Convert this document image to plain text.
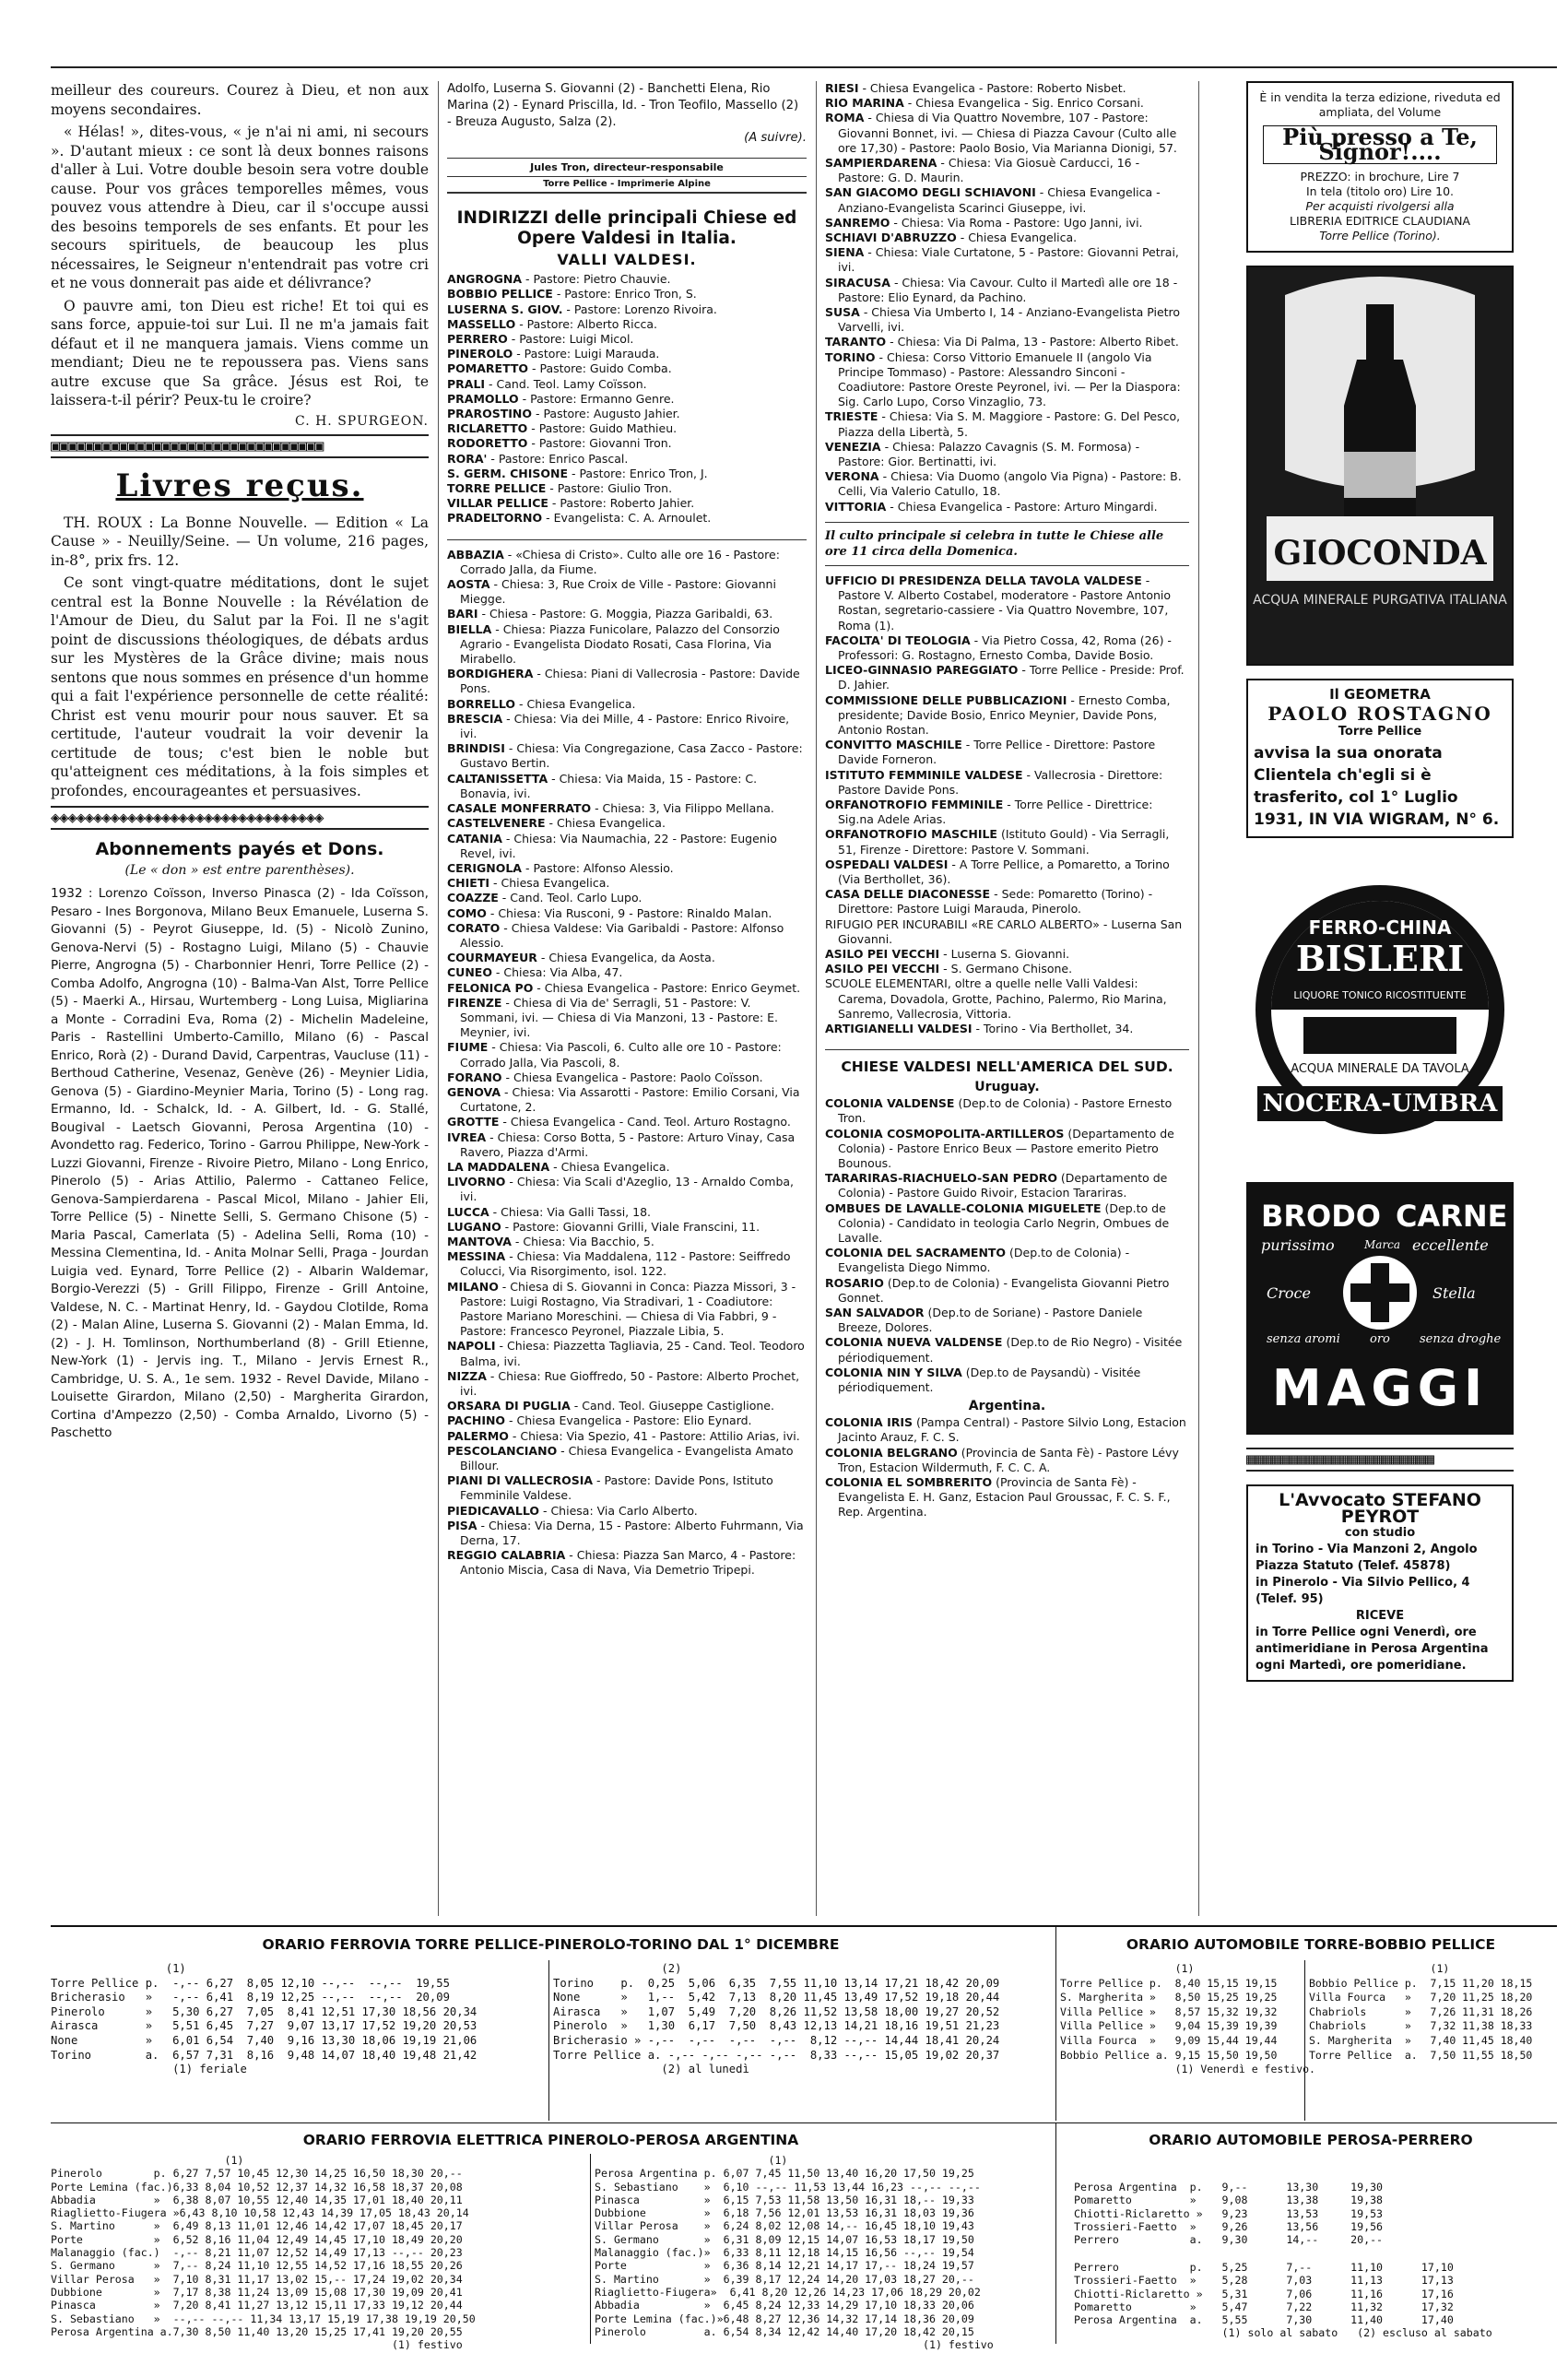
meilleur des coureurs. Courez à Dieu, et non aux moyens secondaires.

« Hélas! », dites-vous, « je n'ai ni ami, ni secours ». D'autant mieux : ce sont là deux bonnes raisons d'aller à Lui. Votre double besoin sera votre double cause. Pour vos grâces temporelles mêmes, vous pouvez vous attendre à Dieu, car il s'occupe aussi des besoins temporels de ses enfants. Et pour les secours spirituels, de beaucoup les plus nécessaires, le Seigneur n'entendrait pas votre cri et ne vous donnerait pas aide et délivrance?

O pauvre ami, ton Dieu est riche! Et toi qui es sans force, appuie-toi sur Lui. Il ne m'a jamais fait défaut et il ne manquera jamais. Viens comme un mendiant; Dieu ne te repoussera pas. Viens sans autre excuse que Sa grâce. Jésus est Roi, te laissera-t-il périr? Peux-tu le croire?

C. H. SPURGEON.
▣▣▣▣▣▣▣▣▣▣▣▣▣▣▣▣▣▣▣▣▣▣▣▣▣▣▣▣▣▣▣▣
Livres reçus.

TH. ROUX : La Bonne Nouvelle. — Edition « La Cause » - Neuilly/Seine. — Un volume, 216 pages, in-8°, prix frs. 12.

Ce sont vingt-quatre méditations, dont le sujet central est la Bonne Nouvelle : la Révélation de l'Amour de Dieu, du Salut par la Foi. Il ne s'agit point de discussions théologiques, de débats ardus sur les Mystères de la Grâce divine; mais nous sentons que nous sommes en présence d'un homme qui a fait l'expérience personnelle de cette réalité: Christ est venu mourir pour nous sauver. Et sa certitude, l'auteur voudrait la voir devenir la certitude de tous; c'est bien le noble but qu'atteignent ces méditations, à la fois simples et profondes, encourageantes et persuasives.

◈◈◈◈◈◈◈◈◈◈◈◈◈◈◈◈◈◈◈◈◈◈◈◈◈◈◈◈◈◈◈◈
Abonnements payés et Dons.
(Le « don » est entre parenthèses).

1932 : Lorenzo Coïsson, Inverso Pinasca (2) - Ida Coïsson, Pesaro - Ines Borgonova, Milano Beux Emanuele, Luserna S. Giovanni (5) - Peyrot Giuseppe, Id. (5) - Nicolò Zunino, Genova-Nervi (5) - Rostagno Luigi, Milano (5) - Chauvie Pierre, Angrogna (5) - Charbonnier Henri, Torre Pellice (2) - Comba Adolfo, Angrogna (10) - Balma-Van Alst, Torre Pellice (5) - Maerki A., Hirsau, Wurtemberg - Long Luisa, Migliarina a Monte - Corradini Eva, Roma (2) - Michelin Madeleine, Paris - Rastellini Umberto-Camillo, Milano (6) - Pascal Enrico, Rorà (2) - Durand David, Carpentras, Vaucluse (11) - Berthoud Catherine, Vesenaz, Genève (26) - Meynier Lidia, Genova (5) - Giardino-Meynier Maria, Torino (5) - Long rag. Ermanno, Id. - Schalck, Id. - A. Gilbert, Id. - G. Stallé, Bougival - Laetsch Giovanni, Perosa Argentina (10) - Avondetto rag. Federico, Torino - Garrou Philippe, New-York - Luzzi Giovanni, Firenze - Rivoire Pietro, Milano - Long Enrico, Pinerolo (5) - Arias Attilio, Palermo - Cattaneo Felice, Genova-Sampierdarena - Pascal Micol, Milano - Jahier Eli, Torre Pellice (5) - Ninette Selli, S. Germano Chisone (5) - Maria Pascal, Camerlata (5) - Adelina Selli, Roma (10) - Messina Clementina, Id. - Anita Molnar Selli, Praga - Jourdan Luigia ved. Eynard, Torre Pellice (2) - Albarin Waldemar, Borgio-Verezzi (5) - Grill Filippo, Firenze - Grill Antoine, Valdese, N. C. - Martinat Henry, Id. - Gaydou Clotilde, Roma (2) - Malan Aline, Luserna S. Giovanni (2) - Malan Emma, Id. (2) - J. H. Tomlinson, Northumberland (8) - Grill Etienne, New-York (1) - Jervis ing. T., Milano - Jervis Ernest R., Cambridge, U. S. A., 1e sem. 1932 - Revel Davide, Milano - Louisette Girardon, Milano (2,50) - Margherita Girardon, Cortina d'Ampezzo (2,50) - Comba Arnaldo, Livorno (5) - Paschetto

Adolfo, Luserna S. Giovanni (2) - Banchetti Elena, Rio Marina (2) - Eynard Priscilla, Id. - Tron Teofilo, Massello (2) - Breuza Augusto, Salza (2).

(A suivre).
Jules Tron, directeur-responsabile
Torre Pellice - Imprimerie Alpine
INDIRIZZI delle principali Chiese ed Opere Valdesi in Italia.
VALLI VALDESI.

ANGROGNA - Pastore: Pietro Chauvie.

BOBBIO PELLICE - Pastore: Enrico Tron, S.

LUSERNA S. GIOV. - Pastore: Lorenzo Rivoira.

MASSELLO - Pastore: Alberto Ricca.

PERRERO - Pastore: Luigi Micol.

PINEROLO - Pastore: Luigi Marauda.

POMARETTO - Pastore: Guido Comba.

PRALI - Cand. Teol. Lamy Coïsson.

PRAMOLLO - Pastore: Ermanno Genre.

PRAROSTINO - Pastore: Augusto Jahier.

RICLARETTO - Pastore: Guido Mathieu.

RODORETTO - Pastore: Giovanni Tron.

RORA' - Pastore: Enrico Pascal.

S. GERM. CHISONE - Pastore: Enrico Tron, J.

TORRE PELLICE - Pastore: Giulio Tron.

VILLAR PELLICE - Pastore: Roberto Jahier.

PRADELTORNO - Evangelista: C. A. Arnoulet.

ABBAZIA - «Chiesa di Cristo». Culto alle ore 16 - Pastore: Corrado Jalla, da Fiume.

AOSTA - Chiesa: 3, Rue Croix de Ville - Pastore: Giovanni Miegge.

BARI - Chiesa - Pastore: G. Moggia, Piazza Garibaldi, 63.

BIELLA - Chiesa: Piazza Funicolare, Palazzo del Consorzio Agrario - Evangelista Diodato Rosati, Casa Florina, Via Mirabello.

BORDIGHERA - Chiesa: Piani di Vallecrosia - Pastore: Davide Pons.

BORRELLO - Chiesa Evangelica.

BRESCIA - Chiesa: Via dei Mille, 4 - Pastore: Enrico Rivoire, ivi.

BRINDISI - Chiesa: Via Congregazione, Casa Zacco - Pastore: Gustavo Bertin.

CALTANISSETTA - Chiesa: Via Maida, 15 - Pastore: C. Bonavia, ivi.

CASALE MONFERRATO - Chiesa: 3, Via Filippo Mellana.

CASTELVENERE - Chiesa Evangelica.

CATANIA - Chiesa: Via Naumachia, 22 - Pastore: Eugenio Revel, ivi.

CERIGNOLA - Pastore: Alfonso Alessio.

CHIETI - Chiesa Evangelica.

COAZZE - Cand. Teol. Carlo Lupo.

COMO - Chiesa: Via Rusconi, 9 - Pastore: Rinaldo Malan.

CORATO - Chiesa Valdese: Via Garibaldi - Pastore: Alfonso Alessio.

COURMAYEUR - Chiesa Evangelica, da Aosta.

CUNEO - Chiesa: Via Alba, 47.

FELONICA PO - Chiesa Evangelica - Pastore: Enrico Geymet.

FIRENZE - Chiesa di Via de' Serragli, 51 - Pastore: V. Sommani, ivi. — Chiesa di Via Manzoni, 13 - Pastore: E. Meynier, ivi.

FIUME - Chiesa: Via Pascoli, 6. Culto alle ore 10 - Pastore: Corrado Jalla, Via Pascoli, 8.

FORANO - Chiesa Evangelica - Pastore: Paolo Coïsson.

GENOVA - Chiesa: Via Assarotti - Pastore: Emilio Corsani, Via Curtatone, 2.

GROTTE - Chiesa Evangelica - Cand. Teol. Arturo Rostagno.

IVREA - Chiesa: Corso Botta, 5 - Pastore: Arturo Vinay, Casa Ravero, Piazza d'Armi.

LA MADDALENA - Chiesa Evangelica.

LIVORNO - Chiesa: Via Scali d'Azeglio, 13 - Arnaldo Comba, ivi.

LUCCA - Chiesa: Via Galli Tassi, 18.

LUGANO - Pastore: Giovanni Grilli, Viale Franscini, 11.

MANTOVA - Chiesa: Via Bacchio, 5.

MESSINA - Chiesa: Via Maddalena, 112 - Pastore: Seiffredo Colucci, Via Risorgimento, isol. 122.

MILANO - Chiesa di S. Giovanni in Conca: Piazza Missori, 3 - Pastore: Luigi Rostagno, Via Stradivari, 1 - Coadiutore: Pastore Mariano Moreschini. — Chiesa di Via Fabbri, 9 - Pastore: Francesco Peyronel, Piazzale Libia, 5.

NAPOLI - Chiesa: Piazzetta Tagliavia, 25 - Cand. Teol. Teodoro Balma, ivi.

NIZZA - Chiesa: Rue Gioffredo, 50 - Pastore: Alberto Prochet, ivi.

ORSARA DI PUGLIA - Cand. Teol. Giuseppe Castiglione.

PACHINO - Chiesa Evangelica - Pastore: Elio Eynard.

PALERMO - Chiesa: Via Spezio, 41 - Pastore: Attilio Arias, ivi.

PESCOLANCIANO - Chiesa Evangelica - Evangelista Amato Billour.

PIANI DI VALLECROSIA - Pastore: Davide Pons, Istituto Femminile Valdese.

PIEDICAVALLO - Chiesa: Via Carlo Alberto.

PISA - Chiesa: Via Derna, 15 - Pastore: Alberto Fuhrmann, Via Derna, 17.

REGGIO CALABRIA - Chiesa: Piazza San Marco, 4 - Pastore: Antonio Miscia, Casa di Nava, Via Demetrio Tripepi.

RIESI - Chiesa Evangelica - Pastore: Roberto Nisbet.

RIO MARINA - Chiesa Evangelica - Sig. Enrico Corsani.

ROMA - Chiesa di Via Quattro Novembre, 107 - Pastore: Giovanni Bonnet, ivi. — Chiesa di Piazza Cavour (Culto alle ore 17,30) - Pastore: Paolo Bosio, Via Marianna Dionigi, 57.

SAMPIERDARENA - Chiesa: Via Giosuè Carducci, 16 - Pastore: G. D. Maurin.

SAN GIACOMO DEGLI SCHIAVONI - Chiesa Evangelica - Anziano-Evangelista Scarinci Giuseppe, ivi.

SANREMO - Chiesa: Via Roma - Pastore: Ugo Janni, ivi.

SCHIAVI D'ABRUZZO - Chiesa Evangelica.

SIENA - Chiesa: Viale Curtatone, 5 - Pastore: Giovanni Petrai, ivi.

SIRACUSA - Chiesa: Via Cavour. Culto il Martedì alle ore 18 - Pastore: Elio Eynard, da Pachino.

SUSA - Chiesa Via Umberto I, 14 - Anziano-Evangelista Pietro Varvelli, ivi.

TARANTO - Chiesa: Via Di Palma, 13 - Pastore: Alberto Ribet.

TORINO - Chiesa: Corso Vittorio Emanuele II (angolo Via Principe Tommaso) - Pastore: Alessandro Sinconi - Coadiutore: Pastore Oreste Peyronel, ivi. — Per la Diaspora: Sig. Carlo Lupo, Corso Vinzaglio, 73.

TRIESTE - Chiesa: Via S. M. Maggiore - Pastore: G. Del Pesco, Piazza della Libertà, 5.

VENEZIA - Chiesa: Palazzo Cavagnis (S. M. Formosa) - Pastore: Gior. Bertinatti, ivi.

VERONA - Chiesa: Via Duomo (angolo Via Pigna) - Pastore: B. Celli, Via Valerio Catullo, 18.

VITTORIA - Chiesa Evangelica - Pastore: Arturo Mingardi.

Il culto principale si celebra in tutte le Chiese alle ore 11 circa della Domenica.

UFFICIO DI PRESIDENZA DELLA TAVOLA VALDESE - Pastore V. Alberto Costabel, moderatore - Pastore Antonio Rostan, segretario-cassiere - Via Quattro Novembre, 107, Roma (1).

FACOLTA' DI TEOLOGIA - Via Pietro Cossa, 42, Roma (26) - Professori: G. Rostagno, Ernesto Comba, Davide Bosio.

LICEO-GINNASIO PAREGGIATO - Torre Pellice - Preside: Prof. D. Jahier.

COMMISSIONE DELLE PUBBLICAZIONI - Ernesto Comba, presidente; Davide Bosio, Enrico Meynier, Davide Pons, Antonio Rostan.

CONVITTO MASCHILE - Torre Pellice - Direttore: Pastore Davide Forneron.

ISTITUTO FEMMINILE VALDESE - Vallecrosia - Direttore: Pastore Davide Pons.

ORFANOTROFIO FEMMINILE - Torre Pellice - Direttrice: Sig.na Adele Arias.

ORFANOTROFIO MASCHILE (Istituto Gould) - Via Serragli, 51, Firenze - Direttore: Pastore V. Sommani.

OSPEDALI VALDESI - A Torre Pellice, a Pomaretto, a Torino (Via Berthollet, 36).

CASA DELLE DIACONESSE - Sede: Pomaretto (Torino) - Direttore: Pastore Luigi Marauda, Pinerolo.

RIFUGIO PER INCURABILI «RE CARLO ALBERTO» - Luserna San Giovanni.

ASILO PEI VECCHI - Luserna S. Giovanni.

ASILO PEI VECCHI - S. Germano Chisone.

SCUOLE ELEMENTARI, oltre a quelle nelle Valli Valdesi: Carema, Dovadola, Grotte, Pachino, Palermo, Rio Marina, Sanremo, Vallecrosia, Vittoria.

ARTIGIANELLI VALDESI - Torino - Via Berthollet, 34.

CHIESE VALDESI NELL'AMERICA DEL SUD.
Uruguay.

COLONIA VALDENSE (Dep.to de Colonia) - Pastore Ernesto Tron.

COLONIA COSMOPOLITA-ARTILLEROS (Departamento de Colonia) - Pastore Enrico Beux — Pastore emerito Pietro Bounous.

TARARIRAS-RIACHUELO-SAN PEDRO (Departamento de Colonia) - Pastore Guido Rivoir, Estacion Tarariras.

OMBUES DE LAVALLE-COLONIA MIGUELETE (Dep.to de Colonia) - Candidato in teologia Carlo Negrin, Ombues de Lavalle.

COLONIA DEL SACRAMENTO (Dep.to de Colonia) - Evangelista Diego Nimmo.

ROSARIO (Dep.to de Colonia) - Evangelista Giovanni Pietro Gonnet.

SAN SALVADOR (Dep.to de Soriane) - Pastore Daniele Breeze, Dolores.

COLONIA NUEVA VALDENSE (Dep.to de Rio Negro) - Visitée périodiquement.

COLONIA NIN Y SILVA (Dep.to de Paysandù) - Visitée périodiquement.

Argentina.

COLONIA IRIS (Pampa Central) - Pastore Silvio Long, Estacion Jacinto Arauz, F. C. S.

COLONIA BELGRANO (Provincia de Santa Fè) - Pastore Lévy Tron, Estacion Wildermuth, F. C. C. A.

COLONIA EL SOMBRERITO (Provincia de Santa Fè) - Evangelista E. H. Ganz, Estacion Paul Groussac, F. C. S. F., Rep. Argentina.

È in vendita la terza edizione, riveduta ed ampliata, del Volume
Più presso a Te, Signor!....
PREZZO: in brochure, Lire 7
In tela (titolo oro) Lire 10.
Per acquisti rivolgersi alla
LIBRERIA EDITRICE CLAUDIANA
Torre Pellice (Torino).
GIOCONDA
ACQUA MINERALE PURGATIVA ITALIANA
Il GEOMETRA
PAOLO ROSTAGNO
Torre Pellice
avvisa la sua onorata Clientela ch'egli si è trasferito, col 1° Luglio 1931, IN VIA WIGRAM, N° 6.
FERRO-CHINA
BISLERI
LIQUORE TONICO RICOSTITUENTE
ACQUA MINERALE DA TAVOLA
NOCERA-UMBRA
SORGENTE ANGELICA
BRODO CARNE
purissimo	Marca eccellente
Croce	Stella
senza aromi oro senza droghe
MAGGI
▦▦▦▦▦▦▦▦▦▦▦▦▦▦▦▦▦▦▦▦▦▦
L'Avvocato STEFANO PEYROT
con studio
in Torino - Via Manzoni 2, Angolo Piazza Statuto (Telef. 45878)
in Pinerolo - Via Silvio Pellico, 4 (Telef. 95)
RICEVE
in Torre Pellice ogni Venerdì, ore antimeridiane in Perosa Argentina ogni Martedì, ore pomeridiane.
ORARIO FERROVIA TORRE PELLICE-PINEROLO-TORINO DAL 1° DICEMBRE	ORARIO AUTOMOBILE TORRE-BOBBIO PELLICE
(1)
Torre Pellice p.  -,-- 6,27  8,05 12,10 --,--  --,--  19,55
Bricherasio   »   -,-- 6,41  8,19 12,25 --,--  --,--  20,09
Pinerolo      »   5,30 6,27  7,05  8,41 12,51 17,30 18,56 20,34
Airasca       »   5,51 6,45  7,27  9,07 13,17 17,52 19,20 20,53
None          »   6,01 6,54  7,40  9,16 13,30 18,06 19,19 21,06
Torino        a.  6,57 7,31  8,16  9,48 14,07 18,40 19,48 21,42
(1) feriale
(2)
Torino    p.  0,25  5,06  6,35  7,55 11,10 13,14 17,21 18,42 20,09
None      »   1,--  5,42  7,13  8,20 11,45 13,49 17,52 19,18 20,44
Airasca   »   1,07  5,49  7,20  8,26 11,52 13,58 18,00 19,27 20,52
Pinerolo  »   1,30  6,17  7,50  8,43 12,13 14,21 18,16 19,51 21,23
Bricherasio » -,--  -,--  -,--  -,--  8,12 --,-- 14,44 18,41 20,24
Torre Pellice a. -,-- -,-- -,-- -,--  8,33 --,-- 15,05 19,02 20,37
(2) al lunedì
(1)
Torre Pellice p.  8,40 15,15 19,15
S. Margherita »   8,50 15,25 19,25
Villa Pellice »   8,57 15,32 19,32
Villa Pellice »   9,04 15,39 19,39
Villa Fourca  »   9,09 15,44 19,44
Bobbio Pellice a. 9,15 15,50 19,50
(1) Venerdì e festivo.
(1)
Bobbio Pellice p.  7,15 11,20 18,15
Villa Fourca   »   7,20 11,25 18,20
Chabriols      »   7,26 11,31 18,26
Chabriols      »   7,32 11,38 18,33
S. Margherita  »   7,40 11,45 18,40
Torre Pellice  a.  7,50 11,55 18,50
ORARIO FERROVIA ELETTRICA PINEROLO-PEROSA ARGENTINA	ORARIO AUTOMOBILE PEROSA-PERRERO
(1)
Pinerolo        p. 6,27 7,57 10,45 12,30 14,25 16,50 18,30 20,--
Porte Lemina (fac.)6,33 8,04 10,52 12,37 14,32 16,58 18,37 20,08
Abbadia         »  6,38 8,07 10,55 12,40 14,35 17,01 18,40 20,11
Riaglietto-Fiugera »6,43 8,10 10,58 12,43 14,39 17,05 18,43 20,14
S. Martino      »  6,49 8,13 11,01 12,46 14,42 17,07 18,45 20,17
Porte           »  6,52 8,16 11,04 12,49 14,45 17,10 18,49 20,20
Malanaggio (fac.)  -,-- 8,21 11,07 12,52 14,49 17,13 --,-- 20,23
S. Germano      »  7,-- 8,24 11,10 12,55 14,52 17,16 18,55 20,26
Villar Perosa   »  7,10 8,31 11,17 13,02 15,-- 17,24 19,02 20,34
Dubbione        »  7,17 8,38 11,24 13,09 15,08 17,30 19,09 20,41
Pinasca         »  7,20 8,41 11,27 13,12 15,11 17,33 19,12 20,44
S. Sebastiano   »  --,-- --,-- 11,34 13,17 15,19 17,38 19,19 20,50
Perosa Argentina a.7,30 8,50 11,40 13,20 15,25 17,41 19,20 20,55
(1) festivo
(1)
Perosa Argentina p. 6,07 7,45 11,50 13,40 16,20 17,50 19,25
S. Sebastiano    »  6,10 --,-- 11,53 13,44 16,23 --,-- --,--
Pinasca          »  6,15 7,53 11,58 13,50 16,31 18,-- 19,33
Dubbione         »  6,18 7,56 12,01 13,53 16,31 18,03 19,36
Villar Perosa    »  6,24 8,02 12,08 14,-- 16,45 18,10 19,43
S. Germano       »  6,31 8,09 12,15 14,07 16,53 18,17 19,50
Malanaggio (fac.)»  6,33 8,11 12,18 14,15 16,56 --,-- 19,54
Porte            »  6,36 8,14 12,21 14,17 17,-- 18,24 19,57
S. Martino       »  6,39 8,17 12,24 14,20 17,03 18,27 20,--
Riaglietto-Fiugera»  6,41 8,20 12,26 14,23 17,06 18,29 20,02
Abbadia          »  6,45 8,24 12,33 14,29 17,10 18,33 20,06
Porte Lemina (fac.)»6,48 8,27 12,36 14,32 17,14 18,36 20,09
Pinerolo         a. 6,54 8,34 12,42 14,40 17,20 18,42 20,15
(1) festivo
Perosa Argentina  p.   9,--      13,30     19,30
Pomaretto         »    9,08      13,38     19,38
Chiotti-Riclaretto »   9,23      13,53     19,53
Trossieri-Faetto  »    9,26      13,56     19,56
Perrero           a.   9,30      14,--     20,--
Perrero           p.   5,25      7,--      11,10      17,10
Trossieri-Faetto  »    5,28      7,03      11,13      17,13
Chiotti-Riclaretto »   5,31      7,06      11,16      17,16
Pomaretto         »    5,47      7,22      11,32      17,32
Perosa Argentina  a.   5,55      7,30      11,40      17,40
(1) solo al sabato   (2) escluso al sabato
